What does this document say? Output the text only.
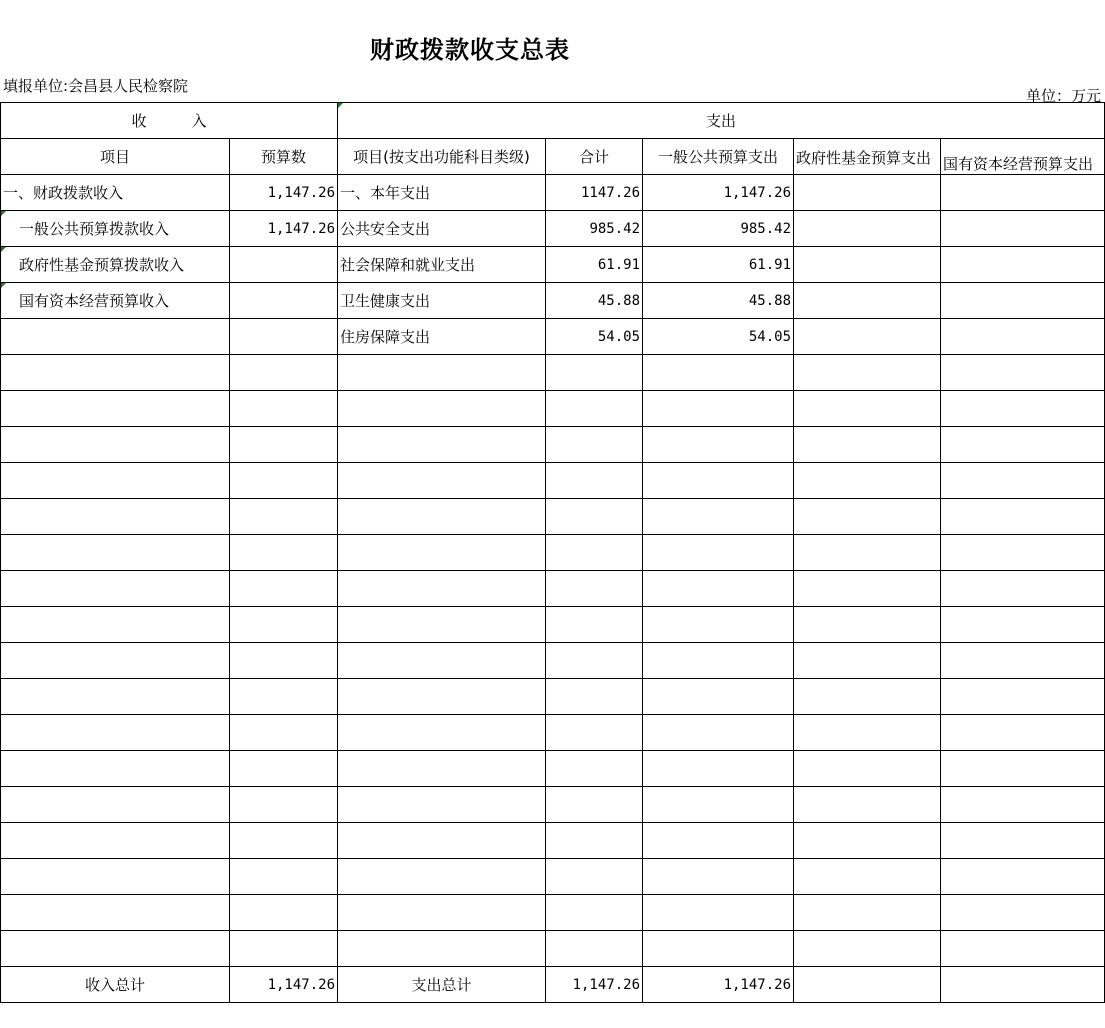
财政拨款收支总表
填报单位:会昌县人民检察院
单位：万元
收　　　入		支出				
项目	预算数	项目(按支出功能科目类级)	合计	一般公共预算支出	政府性基金预算支出	国有资本经营预算支出
一、财政拨款收入	1,147.26	一、本年支出	1147.26	1,147.26		
一般公共预算拨款收入	1,147.26	公共安全支出	985.42	985.42		
政府性基金预算拨款收入		社会保障和就业支出	61.91	61.91		
国有资本经营预算收入		卫生健康支出	45.88	45.88		
		住房保障支出	54.05	54.05		

收入总计	1,147.26	支出总计	1,147.26	1,147.26		
